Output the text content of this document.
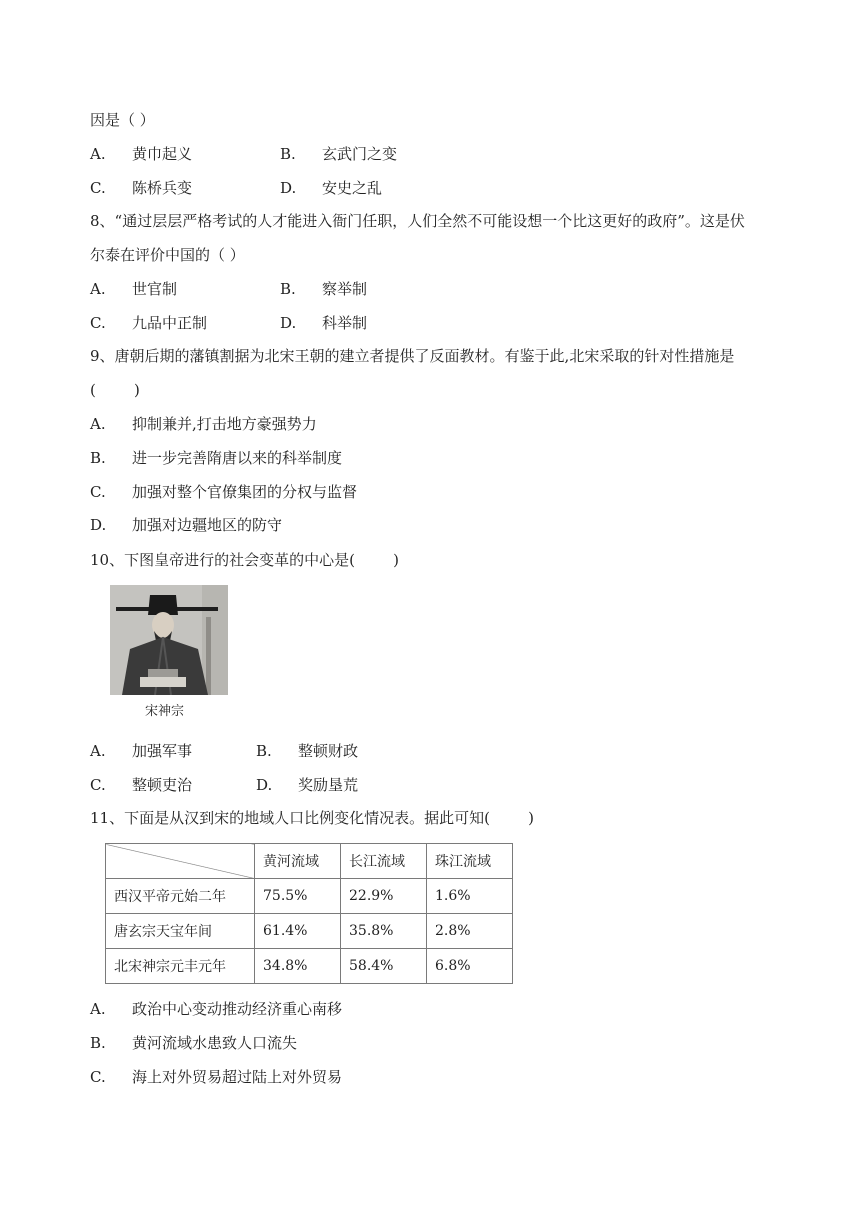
因是（ ）
A. 黄巾起义	B. 玄武门之变
C. 陈桥兵变	D. 安史之乱
8、“通过层层严格考试的人才能进入衙门任职，人们全然不可能设想一个比这更好的政府”。这是伏
尔泰在评价中国的（ ）
A. 世官制	B. 察举制
C. 九品中正制	D. 科举制
9、唐朝后期的藩镇割据为北宋王朝的建立者提供了反面教材。有鉴于此,北宋采取的针对性措施是
(        )
A. 抑制兼并,打击地方豪强势力
B. 进一步完善隋唐以来的科举制度
C. 加强对整个官僚集团的分权与监督
D. 加强对边疆地区的防守
10、下图皇帝进行的社会变革的中心是(        )
宋神宗
A. 加强军事	B. 整顿财政
C. 整顿吏治	D. 奖励垦荒
11、下面是从汉到宋的地域人口比例变化情况表。据此可知(        )
	黄河流域	长江流域	珠江流域
西汉平帝元始二年	75.5%	22.9%	1.6%
唐玄宗天宝年间	61.4%	35.8%	2.8%
北宋神宗元丰元年	34.8%	58.4%	6.8%
A. 政治中心变动推动经济重心南移
B. 黄河流域水患致人口流失
C. 海上对外贸易超过陆上对外贸易
